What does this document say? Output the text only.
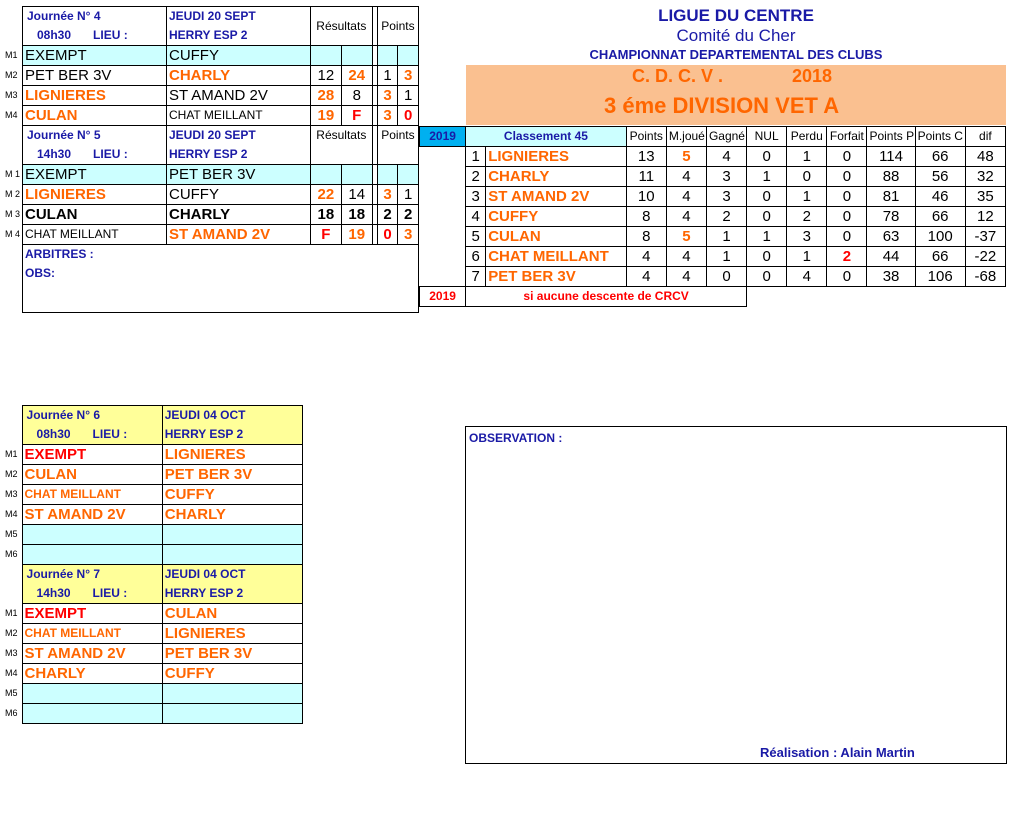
LIGUE DU CENTRE
Comité du Cher
CHAMPIONNAT DEPARTEMENTAL DES CLUBS
C. D. C. V .	2018
3 éme DIVISION VET A
	Journée N° 4	JEUDI 20 SEPT	Résultats			Points	
	08h30 LIEU :	HERRY ESP 2					
M1	EXEMPT	CUFFY					
M2	PET BER 3V	CHARLY	12	24		1	3
M3	LIGNIERES	ST AMAND 2V	28	8		3	1
M4	CULAN	CHAT MEILLANT	19	F		3	0
	Journée N° 5	JEUDI 20 SEPT	Résultats			Points	
	14h30 LIEU :	HERRY ESP 2					
M 1	EXEMPT	PET BER 3V					
M 2	LIGNIERES	CUFFY	22	14		3	1
M 3	CULAN	CHARLY	18	18		2	2
M 4	CHAT MEILLANT	ST AMAND 2V	F	19		0	3
	ARBITRES :						
	OBS:						
2019	Classement 45		Points	M.joué	Gagné	NUL	Perdu	Forfait	Points P	Points C	dif
	1	LIGNIERES	13	5	4	0	1	0	114	66	48
	2	CHARLY	11	4	3	1	0	0	88	56	32
	3	ST AMAND 2V	10	4	3	0	1	0	81	46	35
	4	CUFFY	8	4	2	0	2	0	78	66	12
	5	CULAN	8	5	1	1	3	0	63	100	-37
	6	CHAT MEILLANT	4	4	1	0	1	2	44	66	-22
	7	PET BER 3V	4	4	0	0	4	0	38	106	-68
2019	si aucune descente de CRCV										
	Journée N° 6	JEUDI 04 OCT
	08h30 LIEU :	HERRY ESP 2
M1	EXEMPT	LIGNIERES
M2	CULAN	PET BER 3V
M3	CHAT MEILLANT	CUFFY
M4	ST AMAND 2V	CHARLY
M5		
M6		
	Journée N° 7	JEUDI 04 OCT
	14h30 LIEU :	HERRY ESP 2
M1	EXEMPT	CULAN
M2	CHAT MEILLANT	LIGNIERES
M3	ST AMAND 2V	PET BER 3V
M4	CHARLY	CUFFY
M5		
M6		
OBSERVATION :
Réalisation : Alain Martin
